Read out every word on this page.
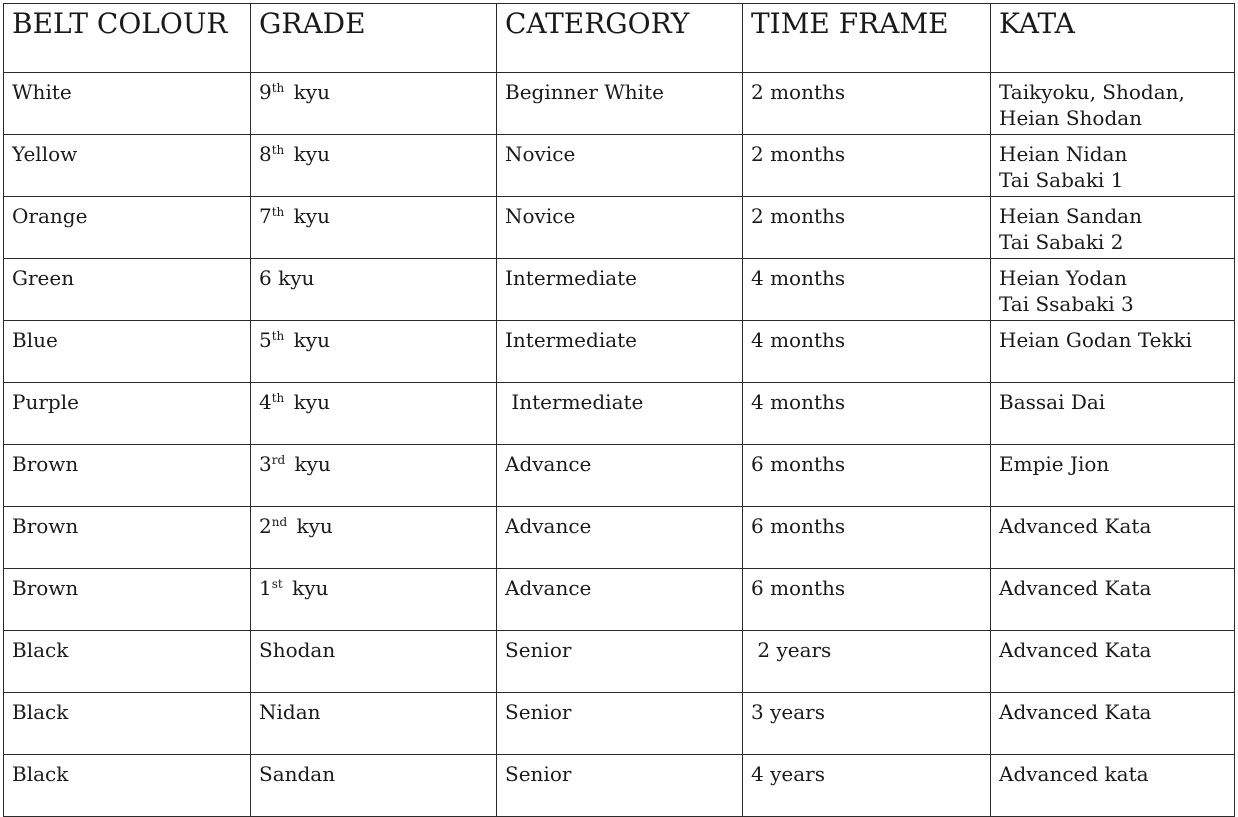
BELT COLOUR	GRADE	CATERGORY	TIME FRAME	KATA
White	9th kyu	Beginner White	2 months	Taikyoku, Shodan,
Heian Shodan

Yellow	8th kyu	Novice	2 months	Heian Nidan
Tai Sabaki 1

Orange	7th kyu	Novice	2 months	Heian Sandan
Tai Sabaki 2

Green	6 kyu	Intermediate	4 months	Heian Yodan
Tai Ssabaki 3

Blue	5th kyu	Intermediate	4 months	Heian Godan Tekki

Purple	4th kyu	Intermediate	4 months	Bassai Dai

Brown	3rd kyu	Advance	6 months	Empie Jion

Brown	2nd kyu	Advance	6 months	Advanced Kata

Brown	1st kyu	Advance	6 months	Advanced Kata

Black	Shodan	Senior	2 years	Advanced Kata

Black	Nidan	Senior	3 years	Advanced Kata

Black	Sandan	Senior	4 years	Advanced kata
